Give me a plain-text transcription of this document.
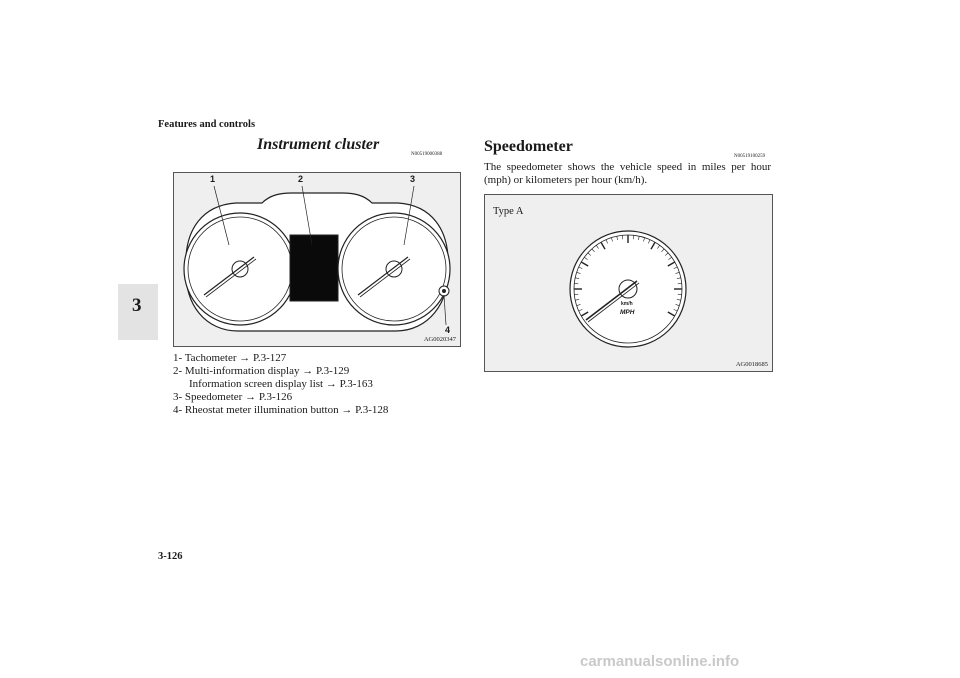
Features and controls
3
Instrument cluster
N00519000388
1	2	3
4
AG0020347
1- Tachometer → P.3-127
2- Multi-information display → P.3-129
Information screen display list → P.3-163
3- Speedometer → P.3-126
4- Rheostat meter illumination button → P.3-128
Speedometer
N00519100259
The speedometer shows the vehicle speed in miles per hour (mph) or kilometers per hour (km/h).
Type A
km/h
MPH
AG0018685
3-126
carmanualsonline.info
